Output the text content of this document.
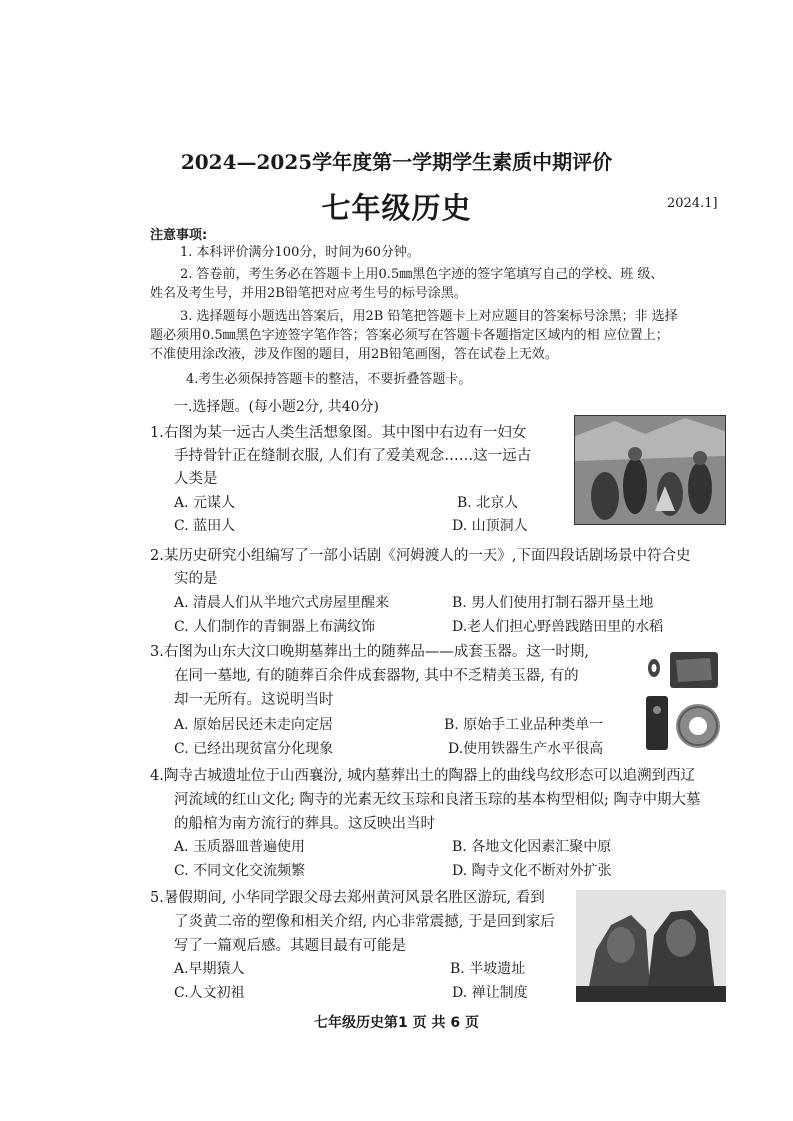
2024—2025学年度第一学期学生素质中期评价
七年级历史	2024.1]
注意事项:
1. 本科评价满分100分，时间为60分钟。
2. 答卷前，考生务必在答题卡上用0.5㎜黑色字迹的签字笔填写自己的学校、班 级、
姓名及考生号，并用2B铅笔把对应考生号的标号涂黑。
3. 选择题每小题选出答案后，用2B 铅笔把答题卡上对应题目的答案标号涂黑；非 选择
题必须用0.5㎜黑色字迹签字笔作答；答案必须写在答题卡各题指定区域内的相 应位置上；
不准使用涂改液，涉及作图的题目，用2B铅笔画图，答在试卷上无效。
4.考生必须保持答题卡的整洁，不要折叠答题卡。
一.选择题。(每小题2分, 共40分)
1.右图为某一远古人类生活想象图。其中图中右边有一妇女
手持骨针正在缝制衣服, 人们有了爱美观念……这一远古
人类是
A. 元谋人	B. 北京人
C. 蓝田人	D. 山顶洞人
2.某历史研究小组编写了一部小话剧《河姆渡人的一天》,下面四段话剧场景中符合史
实的是
A. 清晨人们从半地穴式房屋里醒来	B. 男人们使用打制石器开垦土地
C. 人们制作的青铜器上布满纹饰	D.老人们担心野兽践踏田里的水稻
3.右图为山东大汶口晚期墓葬出土的随葬品——成套玉器。这一时期,
在同一墓地, 有的随葬百余件成套器物, 其中不乏精美玉器, 有的
却一无所有。这说明当时
A. 原始居民还未走向定居	B. 原始手工业品种类单一
C. 已经出现贫富分化现象	D.使用铁器生产水平很高
4.陶寺古城遗址位于山西襄汾, 城内墓葬出土的陶器上的曲线鸟纹形态可以追溯到西辽
河流域的红山文化; 陶寺的光素无纹玉琮和良渚玉琮的基本构型相似; 陶寺中期大墓
的船棺为南方流行的葬具。这反映出当时
A. 玉质器皿普遍使用	B. 各地文化因素汇聚中原
C. 不同文化交流频繁	D. 陶寺文化不断对外扩张
5.暑假期间, 小华同学跟父母去郑州黄河风景名胜区游玩, 看到
了炎黄二帝的塑像和相关介绍, 内心非常震撼, 于是回到家后
写了一篇观后感。其题目最有可能是
A.早期猿人	B. 半坡遗址
C.人文初祖	D. 禅让制度
七年级历史第1 页 共 6 页
